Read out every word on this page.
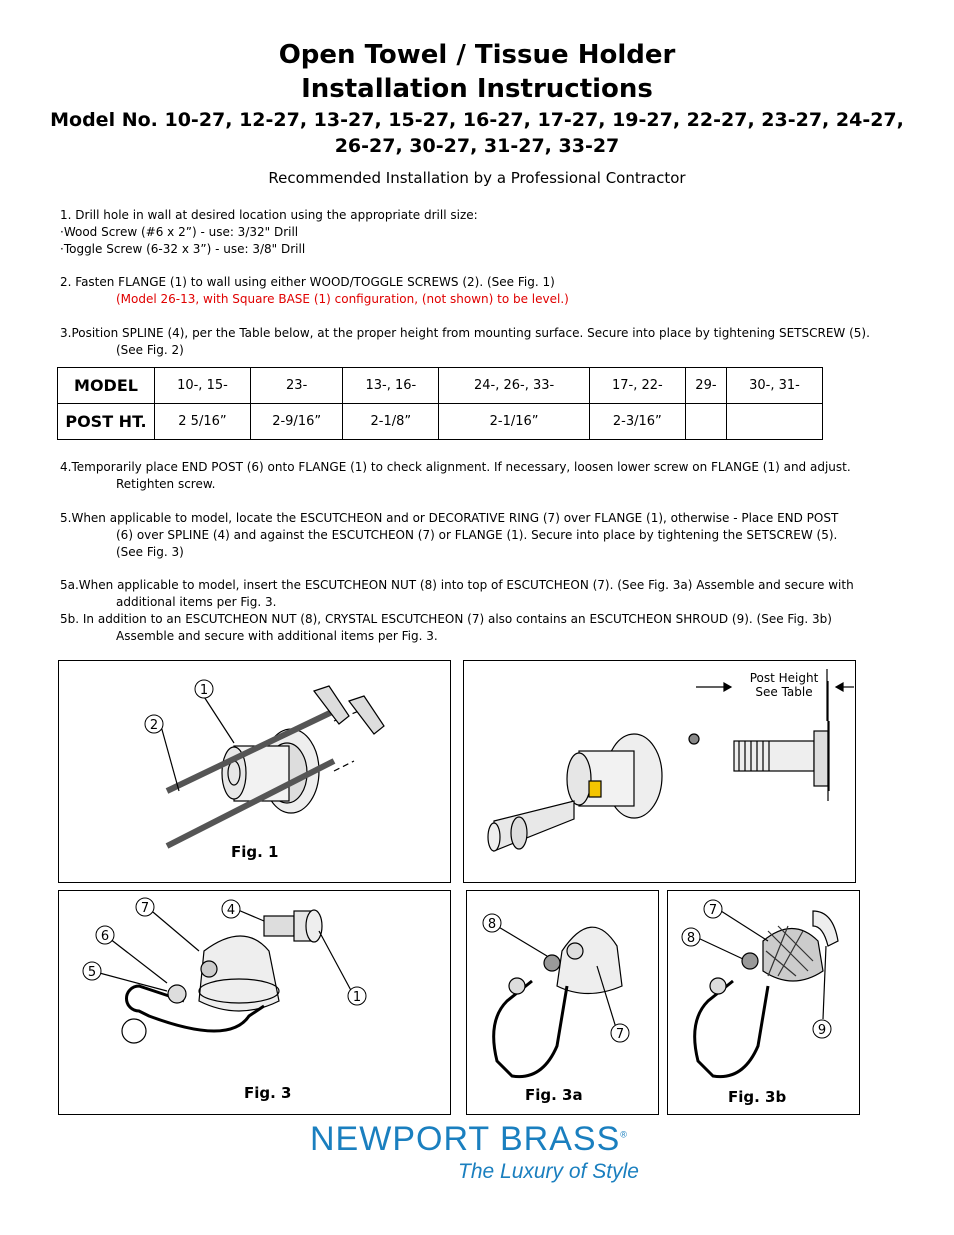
Open Towel / Tissue Holder
Installation Instructions
Model No. 10-27, 12-27, 13-27, 15-27, 16-27, 17-27, 19-27, 22-27, 23-27, 24-27,
26-27, 30-27, 31-27, 33-27
Recommended Installation by a Professional Contractor
1. Drill hole in wall at desired location using the appropriate drill size:
·Wood Screw (#6 x 2”) - use: 3/32" Drill
·Toggle Screw (6-32 x 3”) - use: 3/8" Drill
2. Fasten FLANGE (1) to wall using either WOOD/TOGGLE SCREWS (2). (See Fig. 1)
(Model 26-13, with Square BASE (1) configuration, (not shown) to be level.)
3.Position SPLINE (4), per the Table below, at the proper height from mounting surface. Secure into place by tightening SETSCREW (5).
(See Fig. 2)
MODEL	10-, 15-	23-	13-, 16-	24-, 26-, 33-	17-, 22-	29-	30-, 31-
POST HT.	2 5/16”	2-9/16”	2-1/8”	2-1/16”	2-3/16”		
4.Temporarily place END POST (6) onto FLANGE (1) to check alignment. If necessary, loosen lower screw on FLANGE (1) and adjust.
Retighten screw.
5.When applicable to model, locate the ESCUTCHEON and or DECORATIVE RING (7) over FLANGE (1), otherwise - Place END POST
(6) over SPLINE (4) and against the ESCUTCHEON (7) or FLANGE (1). Secure into place by tightening the SETSCREW (5).
(See Fig. 3)
5a.When applicable to model, insert the ESCUTCHEON NUT (8) into top of ESCUTCHEON (7). (See Fig. 3a) Assemble and secure with
additional items per Fig. 3.
5b. In addition to an ESCUTCHEON NUT (8), CRYSTAL ESCUTCHEON (7) also contains an ESCUTCHEON SHROUD (9). (See Fig. 3b)
Assemble and secure with additional items per Fig. 3.
1
2
Fig. 1
Post Height
See Table
7	4
6
5
1
Fig. 3
8
7
Fig. 3a
7
8
9
Fig. 3b
NEWPORT BRASS®
The Luxury of Style
